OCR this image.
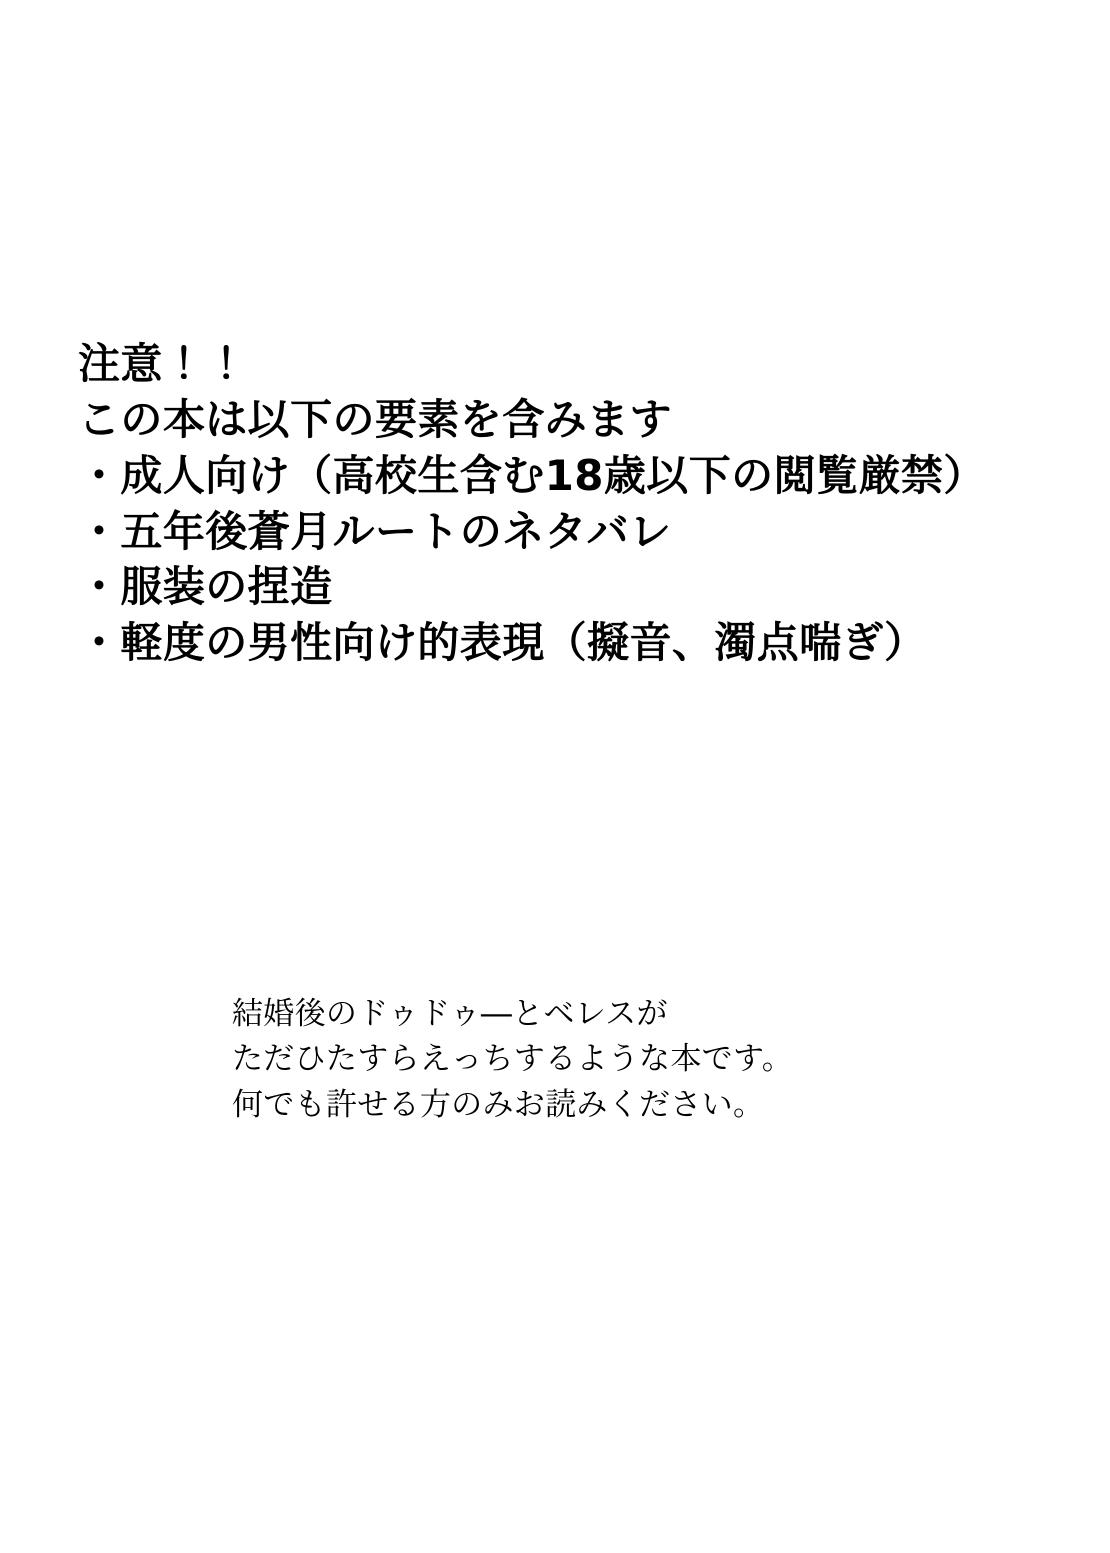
注意！！
この本は以下の要素を含みます
・成人向け（高校生含む18歳以下の閲覧厳禁）
・五年後蒼月ルートのネタバレ
・服装の捏造
・軽度の男性向け的表現（擬音、濁点喘ぎ）
結婚後のドゥドゥ―とベレスが
ただひたすらえっちするような本です。
何でも許せる方のみお読みください。
